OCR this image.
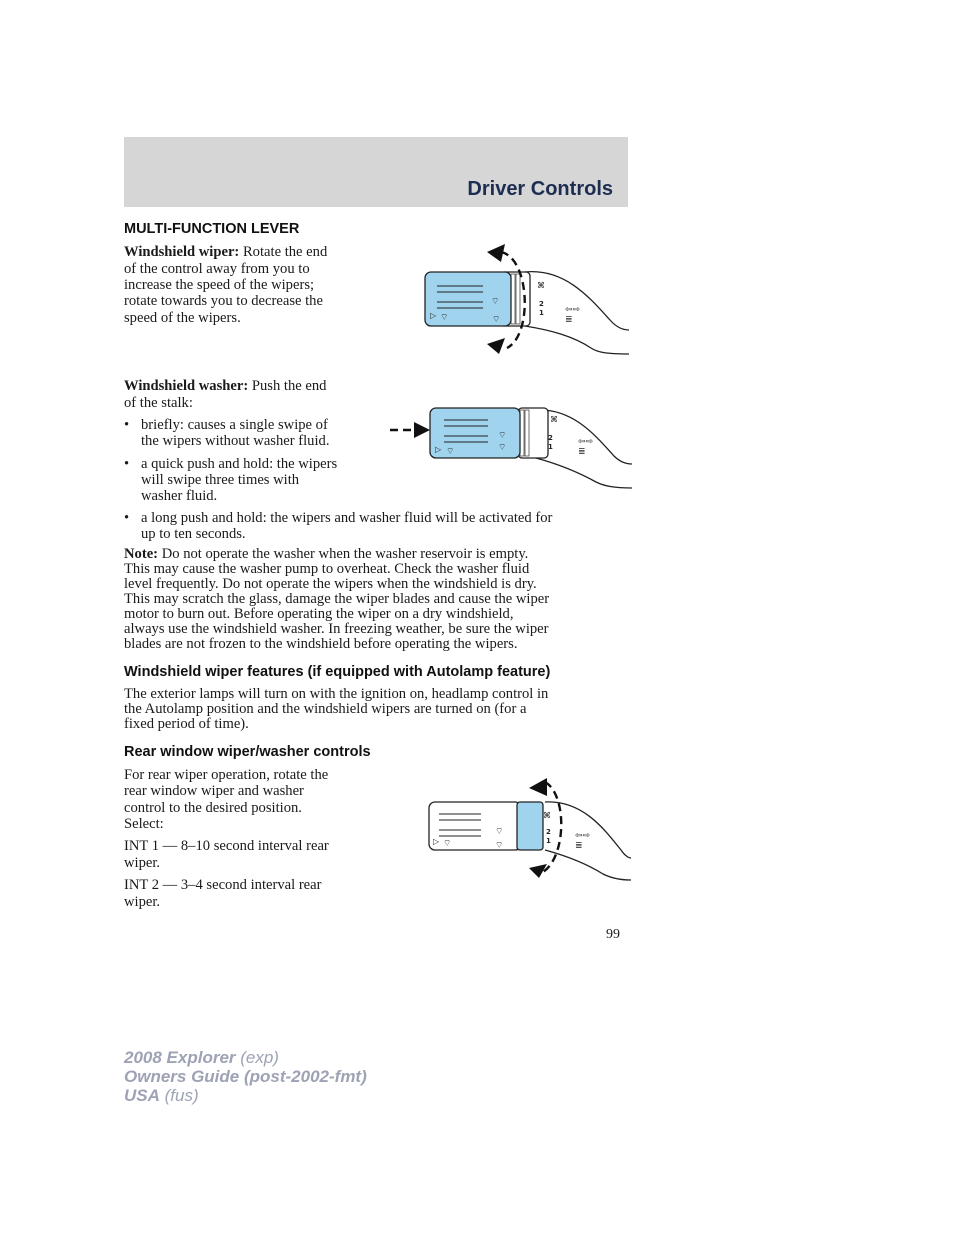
Driver Controls
MULTI-FUNCTION LEVER
Windshield wiper: Rotate the end
of the control away from you to
increase the speed of the wipers;
rotate towards you to decrease the
speed of the wipers.	▷ ⌔
⌔
⌔
⌘
2
1 ⇦⇨
≣
Windshield washer: Push the end
of the stalk:
• briefly: causes a single swipe of
the wipers without washer fluid.
• a quick push and hold: the wipers
will swipe three times with
washer fluid.
• a long push and hold: the wipers and washer fluid will be activated for
up to ten seconds.
▷ ⌔
⌔
⌔
⌘
2
1	⇦⇨
≣
Note: Do not operate the washer when the washer reservoir is empty.
This may cause the washer pump to overheat. Check the washer fluid
level frequently. Do not operate the wipers when the windshield is dry.
This may scratch the glass, damage the wiper blades and cause the wiper
motor to burn out. Before operating the wiper on a dry windshield,
always use the windshield washer. In freezing weather, be sure the wiper
blades are not frozen to the windshield before operating the wipers.
Windshield wiper features (if equipped with Autolamp feature)
The exterior lamps will turn on with the ignition on, headlamp control in
the Autolamp position and the windshield wipers are turned on (for a
fixed period of time).
Rear window wiper/washer controls
For rear wiper operation, rotate the
rear window wiper and washer
control to the desired position.
Select:
INT 1 — 8–10 second interval rear
wiper.
INT 2 — 3–4 second interval rear
wiper.
▷ ⌔
⌔
⌔
⌘
2
1	⇦⇨
≣
99
2008 Explorer (exp)
Owners Guide (post-2002-fmt)
USA (fus)
